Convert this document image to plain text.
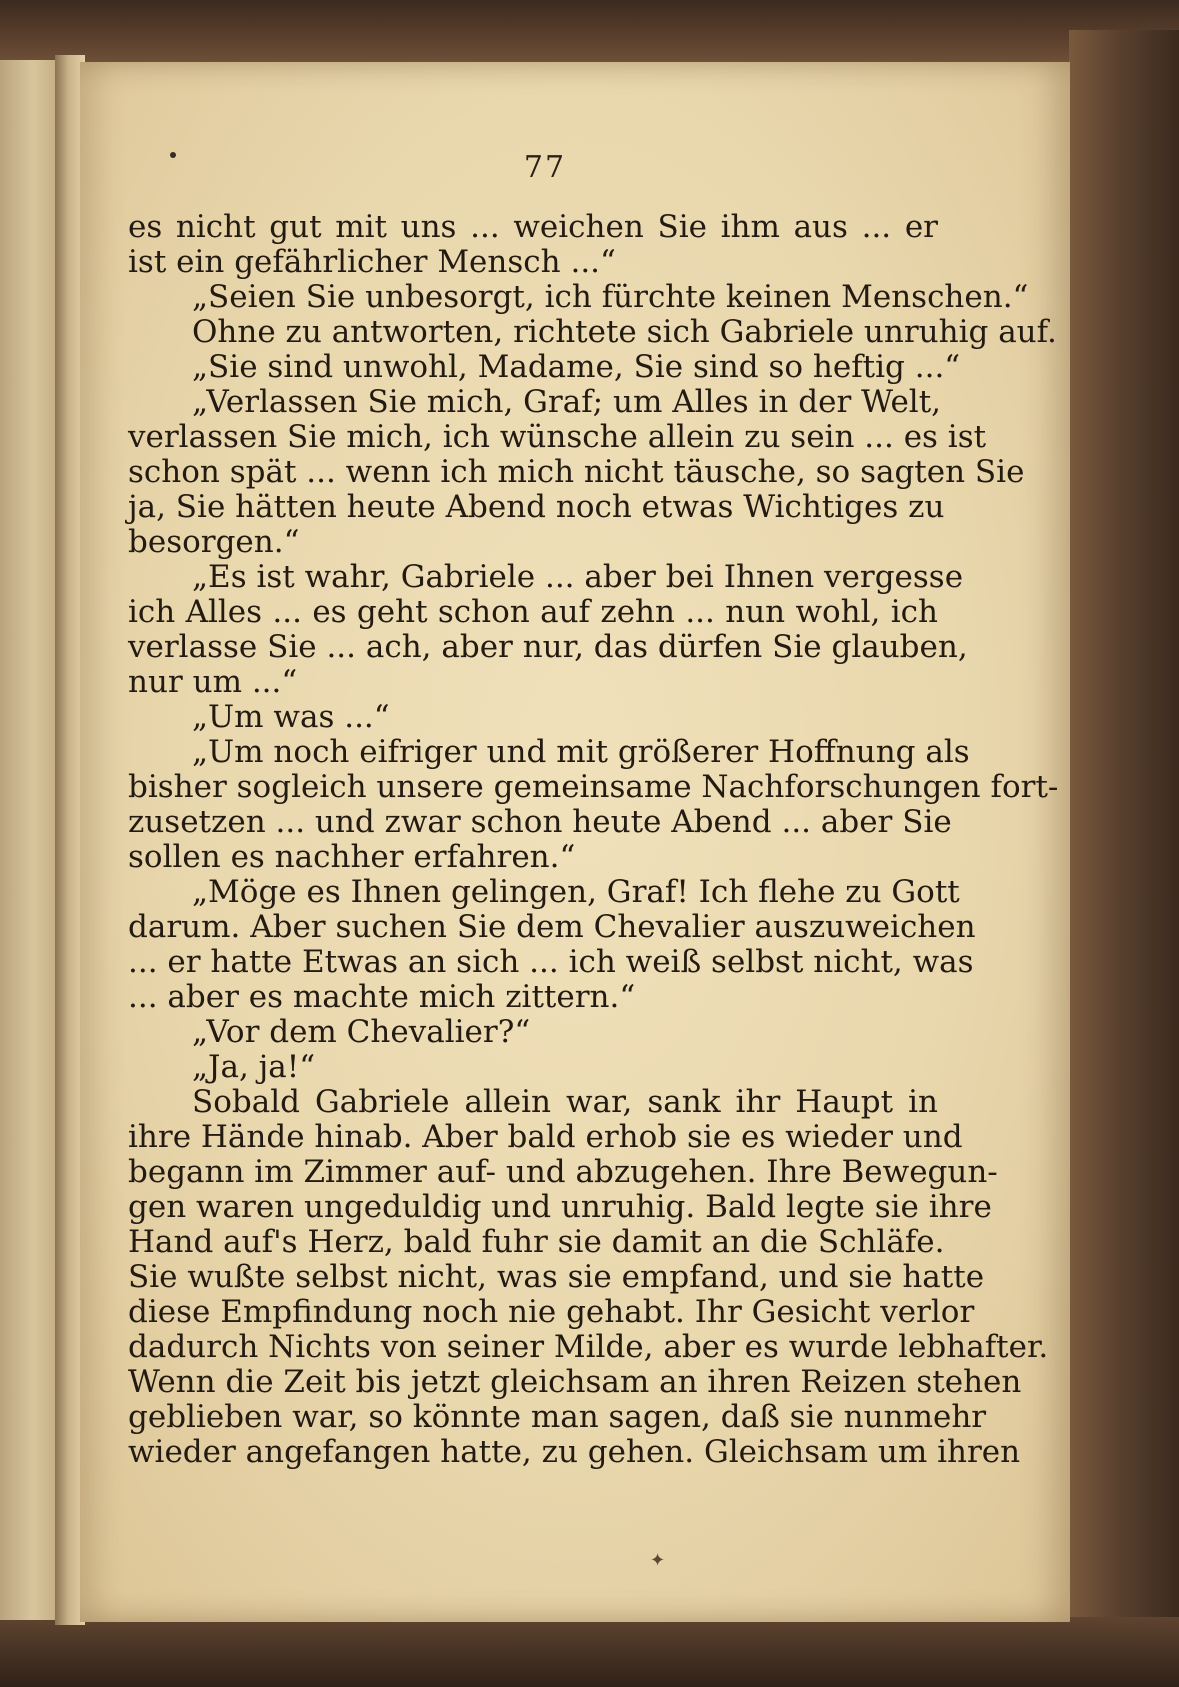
77
es nicht gut mit uns ... weichen Sie ihm aus ... er
ist ein gefährlicher Mensch ...“
„Seien Sie unbesorgt, ich fürchte keinen Menschen.“
Ohne zu antworten, richtete sich Gabriele unruhig auf.
„Sie sind unwohl, Madame, Sie sind so heftig ...“
„Verlassen Sie mich, Graf; um Alles in der Welt,
verlassen Sie mich, ich wünsche allein zu sein ... es ist
schon spät ... wenn ich mich nicht täusche, so sagten Sie
ja, Sie hätten heute Abend noch etwas Wichtiges zu
besorgen.“
„Es ist wahr, Gabriele ... aber bei Ihnen vergesse
ich Alles ... es geht schon auf zehn ... nun wohl, ich
verlasse Sie ... ach, aber nur, das dürfen Sie glauben,
nur um ...“
„Um was ...“
„Um noch eifriger und mit größerer Hoffnung als
bisher sogleich unsere gemeinsame Nachforschungen fort-
zusetzen ... und zwar schon heute Abend ... aber Sie
sollen es nachher erfahren.“
„Möge es Ihnen gelingen, Graf! Ich flehe zu Gott
darum. Aber suchen Sie dem Chevalier auszuweichen
... er hatte Etwas an sich ... ich weiß selbst nicht, was
... aber es machte mich zittern.“
„Vor dem Chevalier?“
„Ja, ja!“
Sobald Gabriele allein war, sank ihr Haupt in
ihre Hände hinab. Aber bald erhob sie es wieder und
begann im Zimmer auf- und abzugehen. Ihre Bewegun-
gen waren ungeduldig und unruhig. Bald legte sie ihre
Hand auf's Herz, bald fuhr sie damit an die Schläfe.
Sie wußte selbst nicht, was sie empfand, und sie hatte
diese Empfindung noch nie gehabt. Ihr Gesicht verlor
dadurch Nichts von seiner Milde, aber es wurde lebhafter.
Wenn die Zeit bis jetzt gleichsam an ihren Reizen stehen
geblieben war, so könnte man sagen, daß sie nunmehr
wieder angefangen hatte, zu gehen. Gleichsam um ihren
✦
